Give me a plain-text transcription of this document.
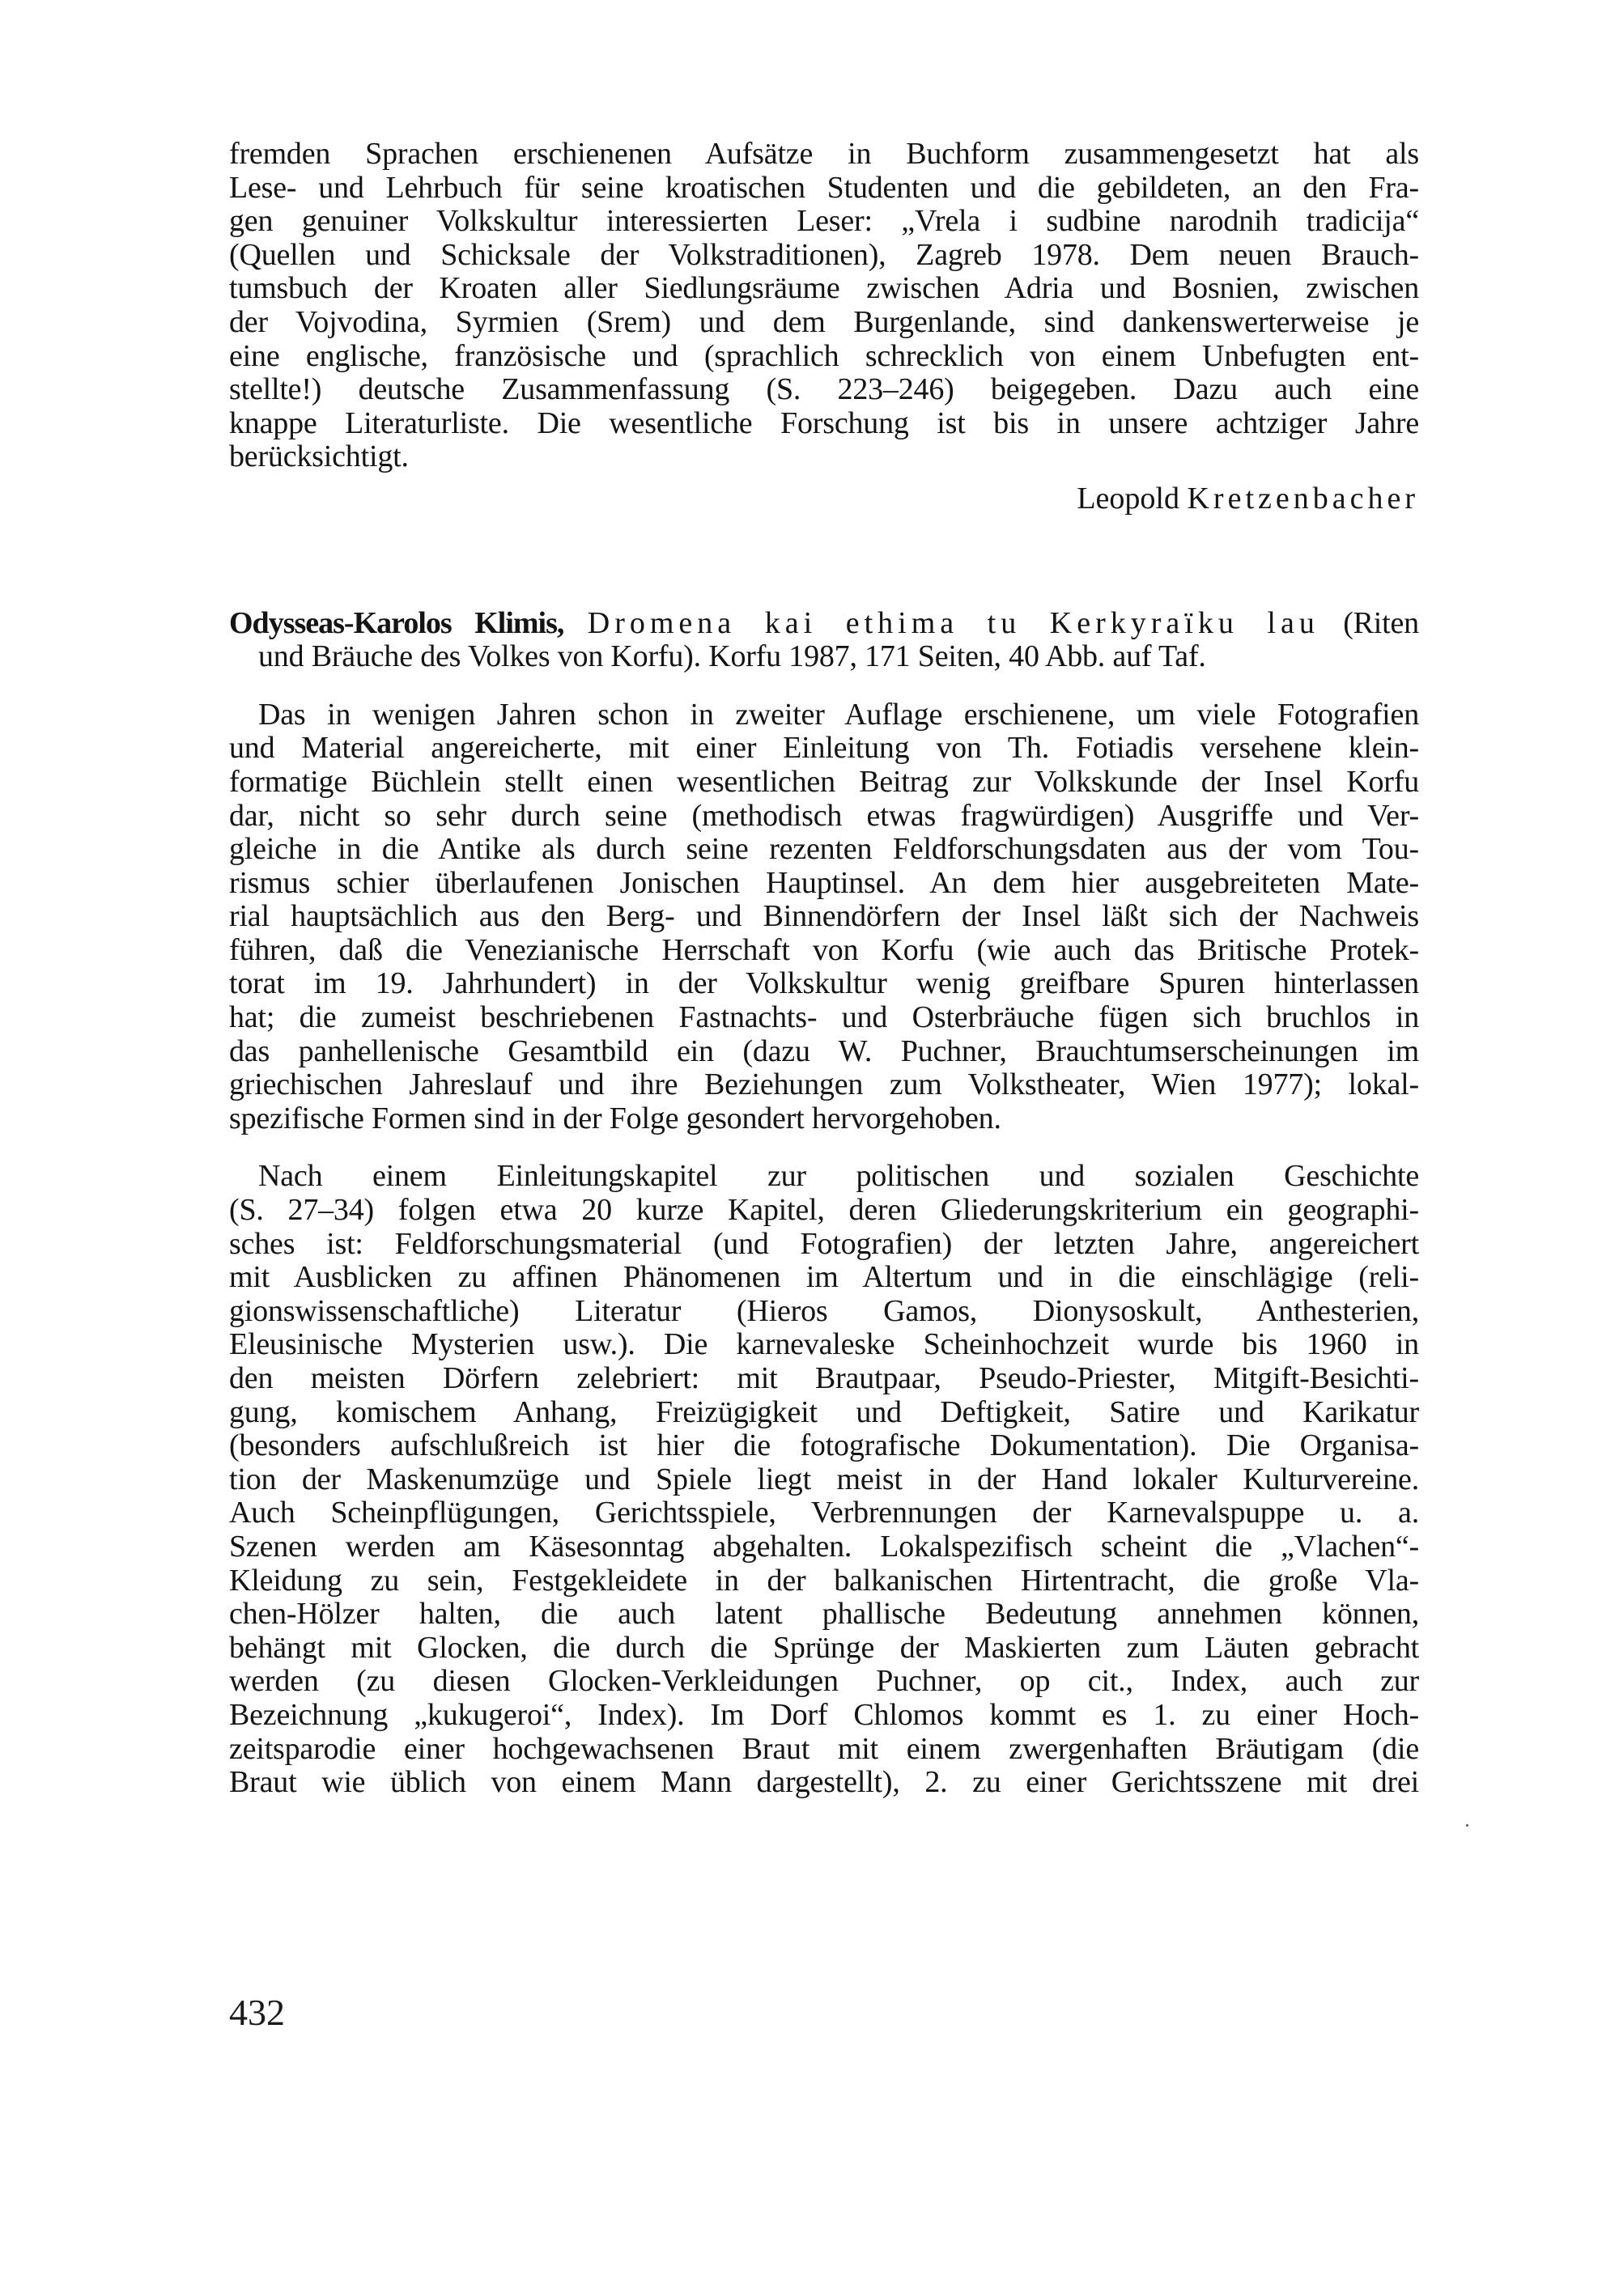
fremden Sprachen erschienenen Aufsätze in Buchform zusammengesetzt hat als
Lese- und Lehrbuch für seine kroatischen Studenten und die gebildeten, an den Fra-
gen genuiner Volkskultur interessierten Leser: „Vrela i sudbine narodnih tradicija“
(Quellen und Schicksale der Volkstraditionen), Zagreb 1978. Dem neuen Brauch-
tumsbuch der Kroaten aller Siedlungsräume zwischen Adria und Bosnien, zwischen
der Vojvodina, Syrmien (Srem) und dem Burgenlande, sind dankenswerterweise je
eine englische, französische und (sprachlich schrecklich von einem Unbefugten ent-
stellte!) deutsche Zusammenfassung (S. 223–246) beigegeben. Dazu auch eine
knappe Literaturliste. Die wesentliche Forschung ist bis in unsere achtziger Jahre
berücksichtigt.
Leopold Kretzenbacher
Odysseas-Karolos Klimis, Dromena kai ethima tu Kerkyraïku lau (Riten
und Bräuche des Volkes von Korfu). Korfu 1987, 171 Seiten, 40 Abb. auf Taf.
Das in wenigen Jahren schon in zweiter Auflage erschienene, um viele Fotografien
und Material angereicherte, mit einer Einleitung von Th. Fotiadis versehene klein-
formatige Büchlein stellt einen wesentlichen Beitrag zur Volkskunde der Insel Korfu
dar, nicht so sehr durch seine (methodisch etwas fragwürdigen) Ausgriffe und Ver-
gleiche in die Antike als durch seine rezenten Feldforschungsdaten aus der vom Tou-
rismus schier überlaufenen Jonischen Hauptinsel. An dem hier ausgebreiteten Mate-
rial hauptsächlich aus den Berg- und Binnendörfern der Insel läßt sich der Nachweis
führen, daß die Venezianische Herrschaft von Korfu (wie auch das Britische Protek-
torat im 19. Jahrhundert) in der Volkskultur wenig greifbare Spuren hinterlassen
hat; die zumeist beschriebenen Fastnachts- und Osterbräuche fügen sich bruchlos in
das panhellenische Gesamtbild ein (dazu W. Puchner, Brauchtumserscheinungen im
griechischen Jahreslauf und ihre Beziehungen zum Volkstheater, Wien 1977); lokal-
spezifische Formen sind in der Folge gesondert hervorgehoben.
Nach einem Einleitungskapitel zur politischen und sozialen Geschichte
(S. 27–34) folgen etwa 20 kurze Kapitel, deren Gliederungskriterium ein geographi-
sches ist: Feldforschungsmaterial (und Fotografien) der letzten Jahre, angereichert
mit Ausblicken zu affinen Phänomenen im Altertum und in die einschlägige (reli-
gionswissenschaftliche) Literatur (Hieros Gamos, Dionysoskult, Anthesterien,
Eleusinische Mysterien usw.). Die karnevaleske Scheinhochzeit wurde bis 1960 in
den meisten Dörfern zelebriert: mit Brautpaar, Pseudo-Priester, Mitgift-Besichti-
gung, komischem Anhang, Freizügigkeit und Deftigkeit, Satire und Karikatur
(besonders aufschlußreich ist hier die fotografische Dokumentation). Die Organisa-
tion der Maskenumzüge und Spiele liegt meist in der Hand lokaler Kulturvereine.
Auch Scheinpflügungen, Gerichtsspiele, Verbrennungen der Karnevalspuppe u. a.
Szenen werden am Käsesonntag abgehalten. Lokalspezifisch scheint die „Vlachen“-
Kleidung zu sein, Festgekleidete in der balkanischen Hirtentracht, die große Vla-
chen-Hölzer halten, die auch latent phallische Bedeutung annehmen können,
behängt mit Glocken, die durch die Sprünge der Maskierten zum Läuten gebracht
werden (zu diesen Glocken-Verkleidungen Puchner, op cit., Index, auch zur
Bezeichnung „kukugeroi“, Index). Im Dorf Chlomos kommt es 1. zu einer Hoch-
zeitsparodie einer hochgewachsenen Braut mit einem zwergenhaften Bräutigam (die
Braut wie üblich von einem Mann dargestellt), 2. zu einer Gerichtsszene mit drei
432
